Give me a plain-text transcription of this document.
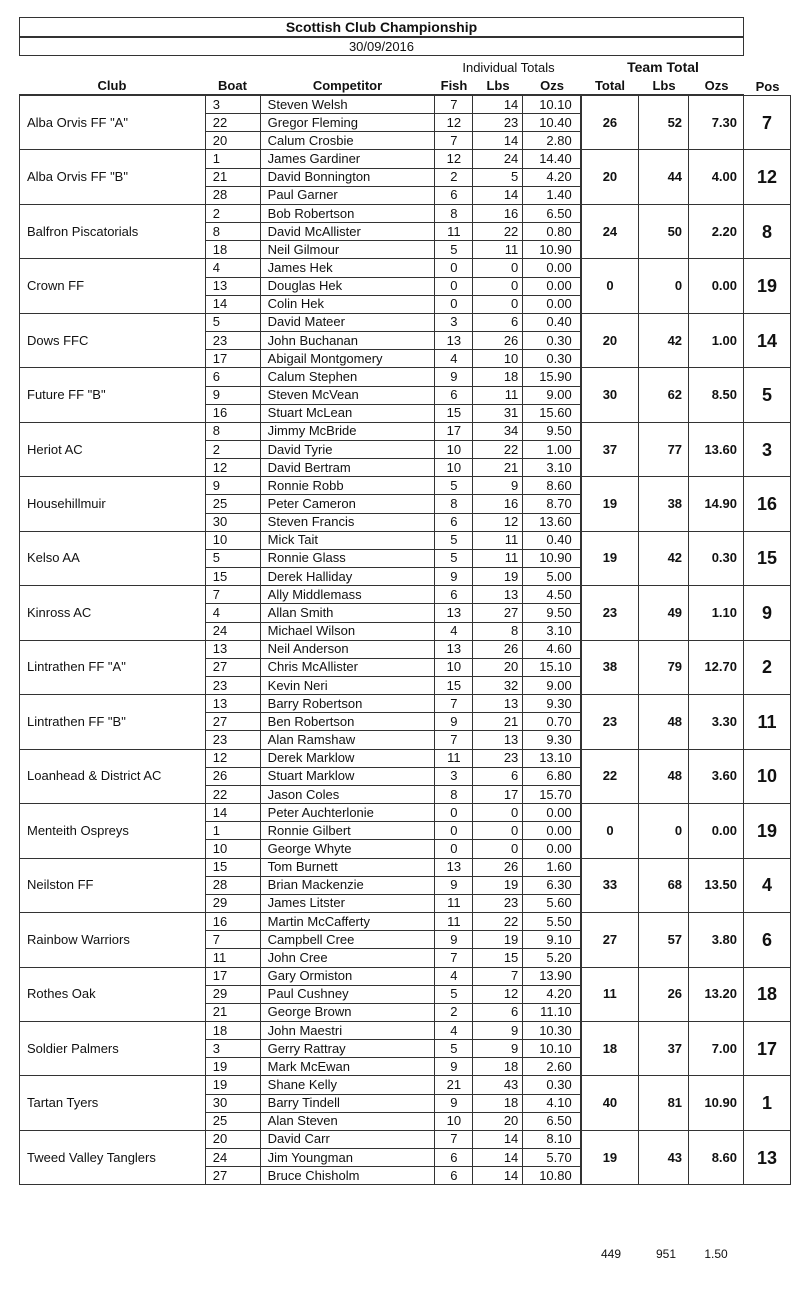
Scottish Club Championship
30/09/2016
Individual Totals	Team Total
Club	Boat	Competitor	Fish	Lbs	Ozs	Total	Lbs	Ozs	Pos
Alba Orvis FF "A"	3	Steven Welsh	7	14	10.10	26	52	7.30	7
	22	Gregor Fleming	12	23	10.40				
	20	Calum Crosbie	7	14	2.80				
Alba Orvis FF "B"	1	James Gardiner	12	24	14.40	20	44	4.00	12
	21	David Bonnington	2	5	4.20				
	28	Paul Garner	6	14	1.40				
Balfron Piscatorials	2	Bob Robertson	8	16	6.50	24	50	2.20	8
	8	David McAllister	11	22	0.80				
	18	Neil Gilmour	5	11	10.90				
Crown FF	4	James Hek	0	0	0.00	0	0	0.00	19
	13	Douglas Hek	0	0	0.00				
	14	Colin Hek	0	0	0.00				
Dows FFC	5	David Mateer	3	6	0.40	20	42	1.00	14
	23	John Buchanan	13	26	0.30				
	17	Abigail Montgomery	4	10	0.30				
Future FF "B"	6	Calum Stephen	9	18	15.90	30	62	8.50	5
	9	Steven McVean	6	11	9.00				
	16	Stuart McLean	15	31	15.60				
Heriot AC	8	Jimmy McBride	17	34	9.50	37	77	13.60	3
	2	David Tyrie	10	22	1.00				
	12	David Bertram	10	21	3.10				
Househillmuir	9	Ronnie Robb	5	9	8.60	19	38	14.90	16
	25	Peter Cameron	8	16	8.70				
	30	Steven Francis	6	12	13.60				
Kelso AA	10	Mick Tait	5	11	0.40	19	42	0.30	15
	5	Ronnie Glass	5	11	10.90				
	15	Derek Halliday	9	19	5.00				
Kinross AC	7	Ally Middlemass	6	13	4.50	23	49	1.10	9
	4	Allan Smith	13	27	9.50				
	24	Michael Wilson	4	8	3.10				
Lintrathen FF "A"	13	Neil Anderson	13	26	4.60	38	79	12.70	2
	27	Chris McAllister	10	20	15.10				
	23	Kevin Neri	15	32	9.00				
Lintrathen FF "B"	13	Barry Robertson	7	13	9.30	23	48	3.30	11
	27	Ben Robertson	9	21	0.70				
	23	Alan Ramshaw	7	13	9.30				
Loanhead & District AC	12	Derek Marklow	11	23	13.10	22	48	3.60	10
	26	Stuart Marklow	3	6	6.80				
	22	Jason Coles	8	17	15.70				
Menteith Ospreys	14	Peter Auchterlonie	0	0	0.00	0	0	0.00	19
	1	Ronnie Gilbert	0	0	0.00				
	10	George Whyte	0	0	0.00				
Neilston FF	15	Tom Burnett	13	26	1.60	33	68	13.50	4
	28	Brian Mackenzie	9	19	6.30				
	29	James Litster	11	23	5.60				
Rainbow Warriors	16	Martin McCafferty	11	22	5.50	27	57	3.80	6
	7	Campbell Cree	9	19	9.10				
	11	John Cree	7	15	5.20				
Rothes Oak	17	Gary Ormiston	4	7	13.90	11	26	13.20	18
	29	Paul Cushney	5	12	4.20				
	21	George Brown	2	6	11.10				
Soldier Palmers	18	John Maestri	4	9	10.30	18	37	7.00	17
	3	Gerry Rattray	5	9	10.10				
	19	Mark McEwan	9	18	2.60				
Tartan Tyers	19	Shane Kelly	21	43	0.30	40	81	10.90	1
	30	Barry Tindell	9	18	4.10				
	25	Alan Steven	10	20	6.50				
Tweed Valley Tanglers	20	David Carr	7	14	8.10	19	43	8.60	13
	24	Jim Youngman	6	14	5.70				
	27	Bruce Chisholm	6	14	10.80				
449	951	1.50
